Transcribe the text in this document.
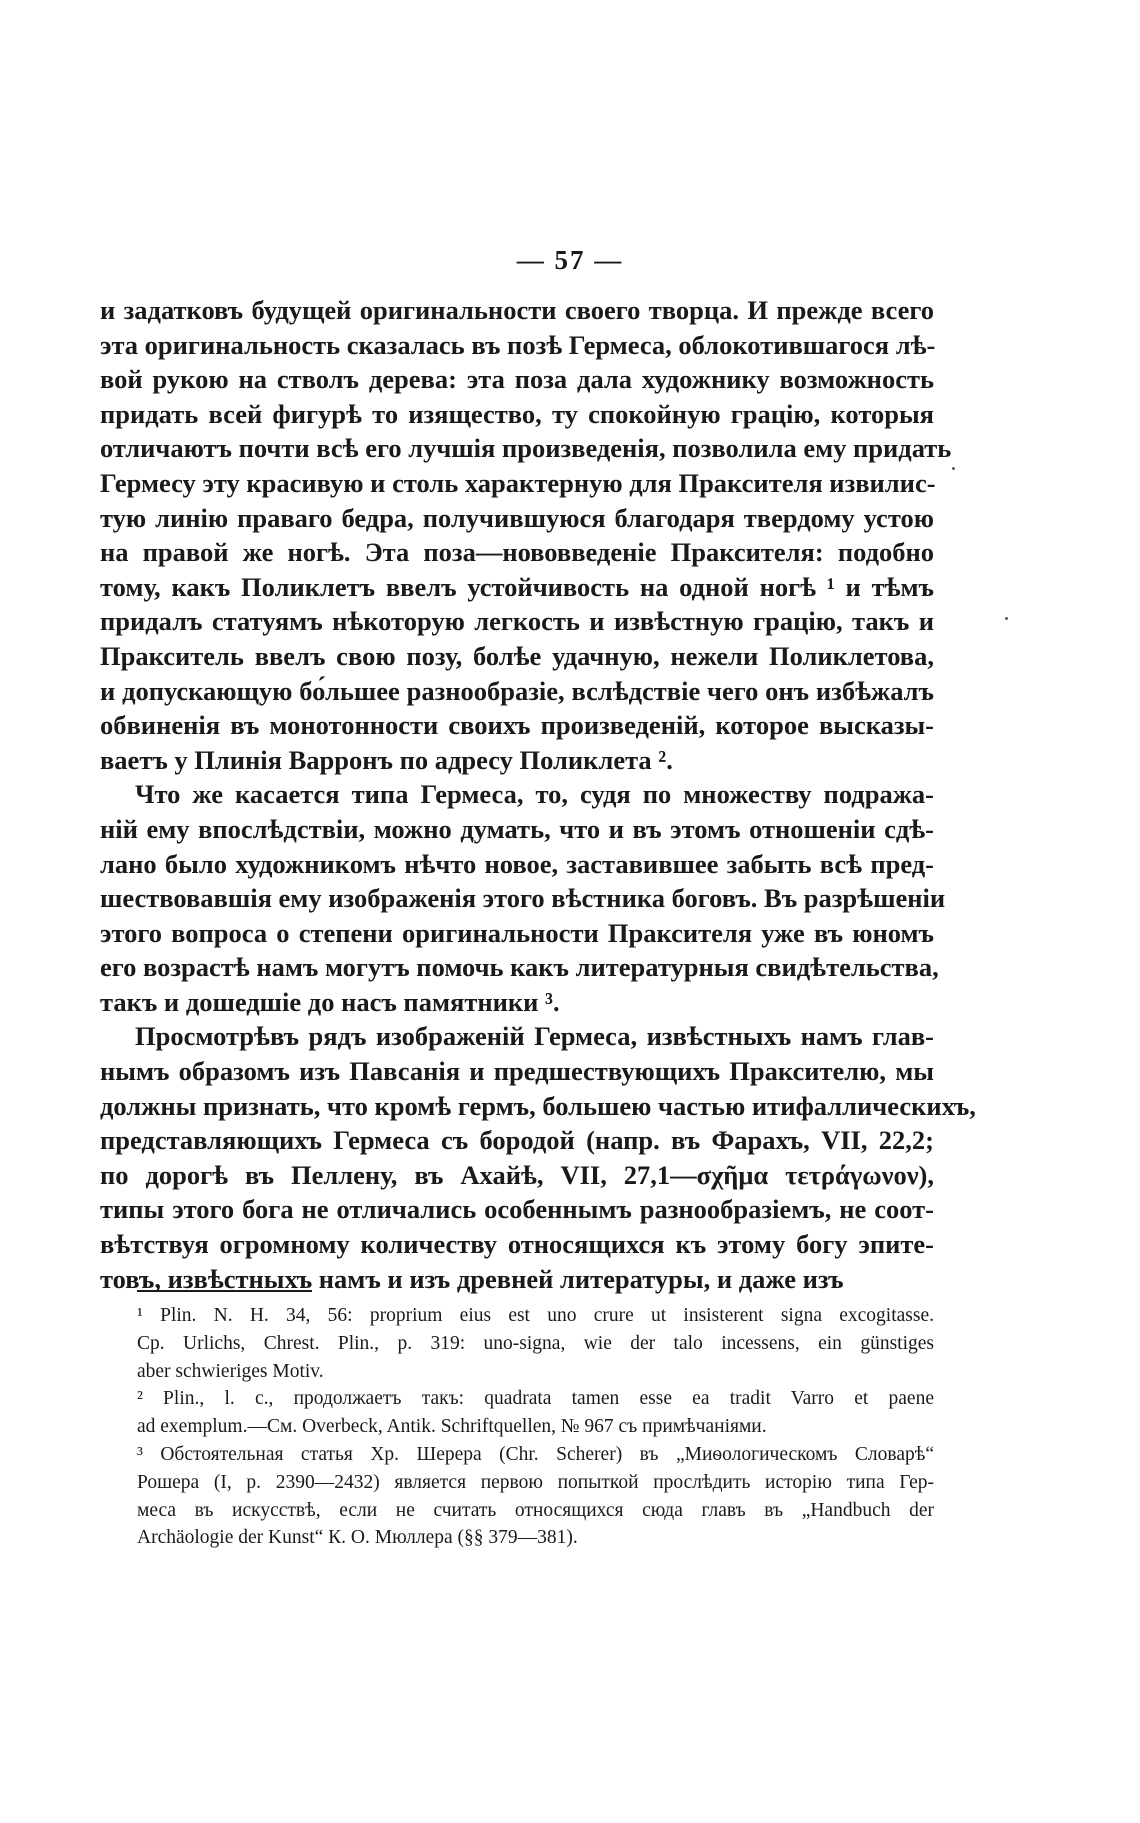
— 57 —
и задатковъ будущей оригинальности своего творца. И прежде всего
эта оригинальность сказалась въ позѣ Гермеса, облокотившагося лѣ-
вой рукою на стволъ дерева: эта поза дала художнику возможность
придать всей фигурѣ то изящество, ту спокойную грацію, которыя
отличаютъ почти всѣ его лучшія произведенія, позволила ему придать
Гермесу эту красивую и столь характерную для Праксителя извилис-
тую линію праваго бедра, получившуюся благодаря твердому устою
на правой же ногѣ. Эта поза—нововведеніе Праксителя: подобно
тому, какъ Поликлетъ ввелъ устойчивость на одной ногѣ ¹ и тѣмъ
придалъ статуямъ нѣкоторую легкость и извѣстную грацію, такъ и
Пракситель ввелъ свою позу, болѣе удачную, нежели Поликлетова,
и допускающую бо́льшее разнообразіе, вслѣдствіе чего онъ избѣжалъ
обвиненія въ монотонности своихъ произведеній, которое высказы-
ваетъ у Плинія Варронъ по адресу Поликлета ².
Что же касается типа Гермеса, то, судя по множеству подража-
ній ему впослѣдствіи, можно думать, что и въ этомъ отношеніи сдѣ-
лано было художникомъ нѣчто новое, заставившее забыть всѣ пред-
шествовавшія ему изображенія этого вѣстника боговъ. Въ разрѣшеніи
этого вопроса о степени оригинальности Праксителя уже въ юномъ
его возрастѣ намъ могутъ помочь какъ литературныя свидѣтельства,
такъ и дошедшіе до насъ памятники ³.
Просмотрѣвъ рядъ изображеній Гермеса, извѣстныхъ намъ глав-
нымъ образомъ изъ Павсанія и предшествующихъ Праксителю, мы
должны признать, что кромѣ гермъ, большею частью итифаллическихъ,
представляющихъ Гермеса съ бородой (напр. въ Фарахъ, VII, 22,2;
по дорогѣ въ Пеллену, въ Ахайѣ, VII, 27,1—σχῆμα τετράγωνον),
типы этого бога не отличались особеннымъ разнообразіемъ, не соот-
вѣтствуя огромному количеству относящихся къ этому богу эпите-
товъ, извѣстныхъ намъ и изъ древней литературы, и даже изъ
¹ Plin. N. H. 34, 56: proprium eius est uno crure ut insisterent signa excogitasse.
Cp. Urlichs, Chrest. Plin., p. 319: uno-signa, wie der talo incessens, ein günstiges
aber schwieriges Motiv.
² Plin., l. c., продолжаетъ такъ: quadrata tamen esse ea tradit Varro et paene
ad exemplum.—Cм. Overbeck, Antik. Schriftquellen, № 967 съ примѣчаніями.
³ Обстоятельная статья Хр. Шерера (Chr. Scherer) въ „Миѳологическомъ Словарѣ“
Рошера (I, p. 2390—2432) является первою попыткой прослѣдить исторію типа Гер-
меса въ искусствѣ, если не считать относящихся сюда главъ въ „Handbuch der
Archäologie der Kunst“ К. О. Мюллера (§§ 379—381).
